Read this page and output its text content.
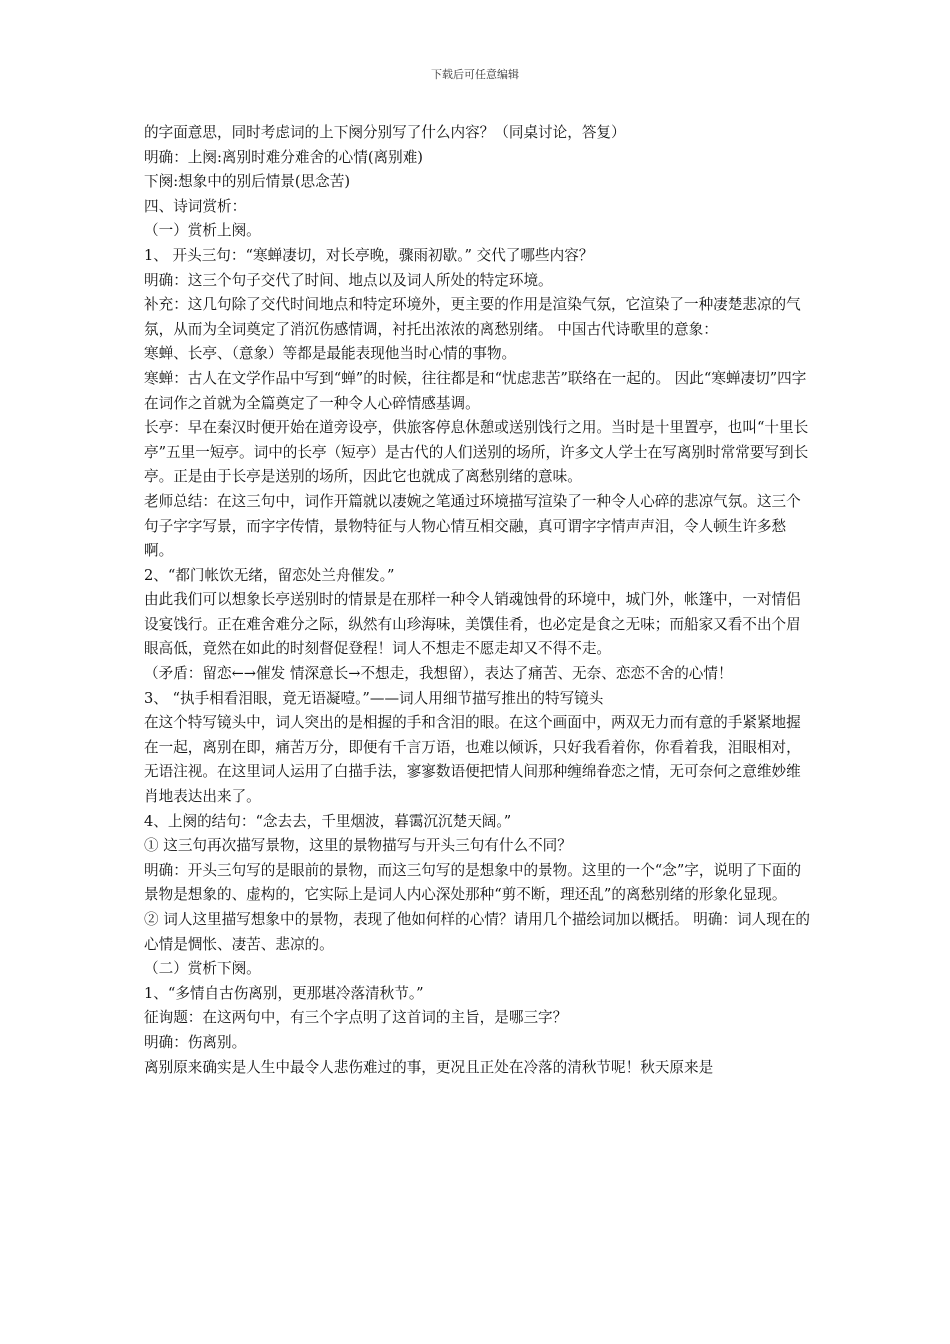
下载后可任意编辑

的字面意思，同时考虑词的上下阕分别写了什么内容？（同桌讨论，答复）

明确：上阕:离别时难分难舍的心情(离别难)

下阕:想象中的别后情景(思念苦)

四、诗词赏析：

（一）赏析上阕。

1、 开头三句：“寒蝉凄切，对长亭晚，骤雨初歇。” 交代了哪些内容？

明确：这三个句子交代了时间、地点以及词人所处的特定环境。

补充：这几句除了交代时间地点和特定环境外，更主要的作用是渲染气氛，它渲染了一种凄楚悲凉的气氛，从而为全词奠定了消沉伤感情调，衬托出浓浓的离愁别绪。 中国古代诗歌里的意象：

寒蝉、长亭、（意象）等都是最能表现他当时心情的事物。

寒蝉：古人在文学作品中写到“蝉”的时候，往往都是和“忧虑悲苦”联络在一起的。 因此“寒蝉凄切”四字在词作之首就为全篇奠定了一种令人心碎情感基调。

长亭：早在秦汉时便开始在道旁设亭，供旅客停息休憩或送别饯行之用。当时是十里置亭，也叫“十里长亭”五里一短亭。词中的长亭（短亭）是古代的人们送别的场所，许多文人学士在写离别时常常要写到长亭。正是由于长亭是送别的场所，因此它也就成了离愁别绪的意味。

老师总结：在这三句中，词作开篇就以凄婉之笔通过环境描写渲染了一种令人心碎的悲凉气氛。这三个句子字字写景，而字字传情，景物特征与人物心情互相交融，真可谓字字情声声泪，令人顿生许多愁啊。

2、“都门帐饮无绪，留恋处兰舟催发。”

由此我们可以想象长亭送别时的情景是在那样一种令人销魂蚀骨的环境中，城门外，帐篷中，一对情侣设宴饯行。正在难舍难分之际，纵然有山珍海味，美馔佳肴，也必定是食之无味；而船家又看不出个眉眼高低，竟然在如此的时刻督促登程！词人不想走不愿走却又不得不走。

（矛盾：留恋←→催发 情深意长→不想走，我想留），表达了痛苦、无奈、恋恋不舍的心情！

3、 “执手相看泪眼，竟无语凝噎。”——词人用细节描写推出的特写镜头

在这个特写镜头中，词人突出的是相握的手和含泪的眼。在这个画面中，两双无力而有意的手紧紧地握在一起，离别在即，痛苦万分，即便有千言万语，也难以倾诉，只好我看着你，你看着我，泪眼相对，无语注视。在这里词人运用了白描手法，寥寥数语便把情人间那种缠绵眷恋之情，无可奈何之意维妙维肖地表达出来了。

4、上阕的结句：“念去去，千里烟波，暮霭沉沉楚天阔。”

① 这三句再次描写景物，这里的景物描写与开头三句有什么不同？

明确：开头三句写的是眼前的景物，而这三句写的是想象中的景物。这里的一个“念”字，说明了下面的景物是想象的、虚构的，它实际上是词人内心深处那种“剪不断，理还乱”的离愁别绪的形象化显现。

② 词人这里描写想象中的景物，表现了他如何样的心情？请用几个描绘词加以概括。 明确：词人现在的心情是惆怅、凄苦、悲凉的。

（二）赏析下阕。

1、“多情自古伤离别，更那堪冷落清秋节。”

征询题：在这两句中，有三个字点明了这首词的主旨，是哪三字？

明确：伤离别。

离别原来确实是人生中最令人悲伤难过的事，更况且正处在冷落的清秋节呢！秋天原来是
